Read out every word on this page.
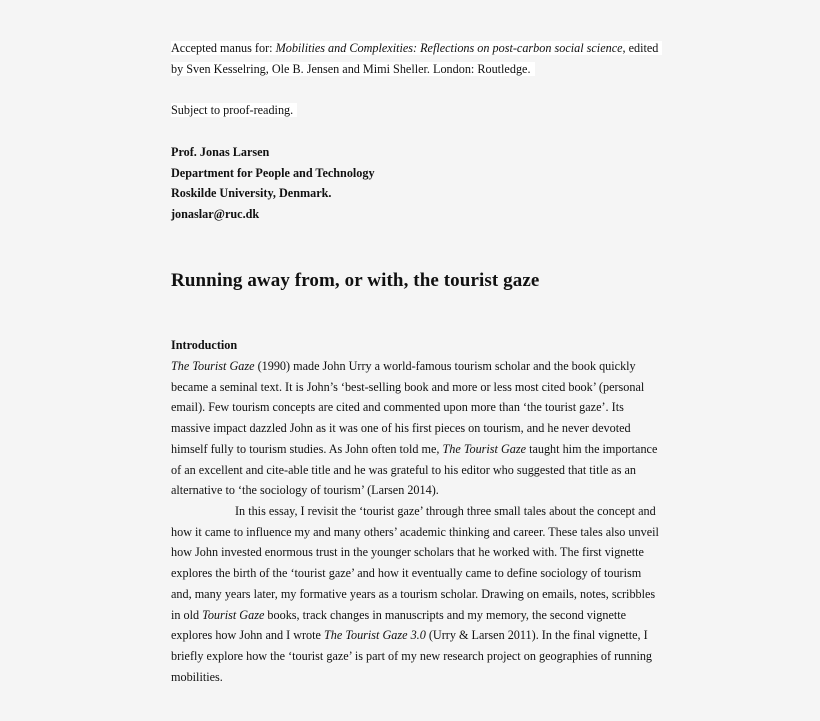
Accepted manus for: Mobilities and Complexities: Reflections on post-carbon social science, edited
by Sven Kesselring, Ole B. Jensen and Mimi Sheller. London: Routledge.
Subject to proof-reading.
Prof. Jonas Larsen
Department for People and Technology
Roskilde University, Denmark.
jonaslar@ruc.dk
Running away from, or with, the tourist gaze
Introduction
The Tourist Gaze (1990) made John Urry a world-famous tourism scholar and the book quickly
became a seminal text. It is John’s ‘best-selling book and more or less most cited book’ (personal
email). Few tourism concepts are cited and commented upon more than ‘the tourist gaze’. Its
massive impact dazzled John as it was one of his first pieces on tourism, and he never devoted
himself fully to tourism studies. As John often told me, The Tourist Gaze taught him the importance
of an excellent and cite-able title and he was grateful to his editor who suggested that title as an
alternative to ‘the sociology of tourism’ (Larsen 2014).
In this essay, I revisit the ‘tourist gaze’ through three small tales about the concept and
how it came to influence my and many others’ academic thinking and career. These tales also unveil
how John invested enormous trust in the younger scholars that he worked with. The first vignette
explores the birth of the ‘tourist gaze’ and how it eventually came to define sociology of tourism
and, many years later, my formative years as a tourism scholar. Drawing on emails, notes, scribbles
in old Tourist Gaze books, track changes in manuscripts and my memory, the second vignette
explores how John and I wrote The Tourist Gaze 3.0 (Urry & Larsen 2011). In the final vignette, I
briefly explore how the ‘tourist gaze’ is part of my new research project on geographies of running
mobilities.
